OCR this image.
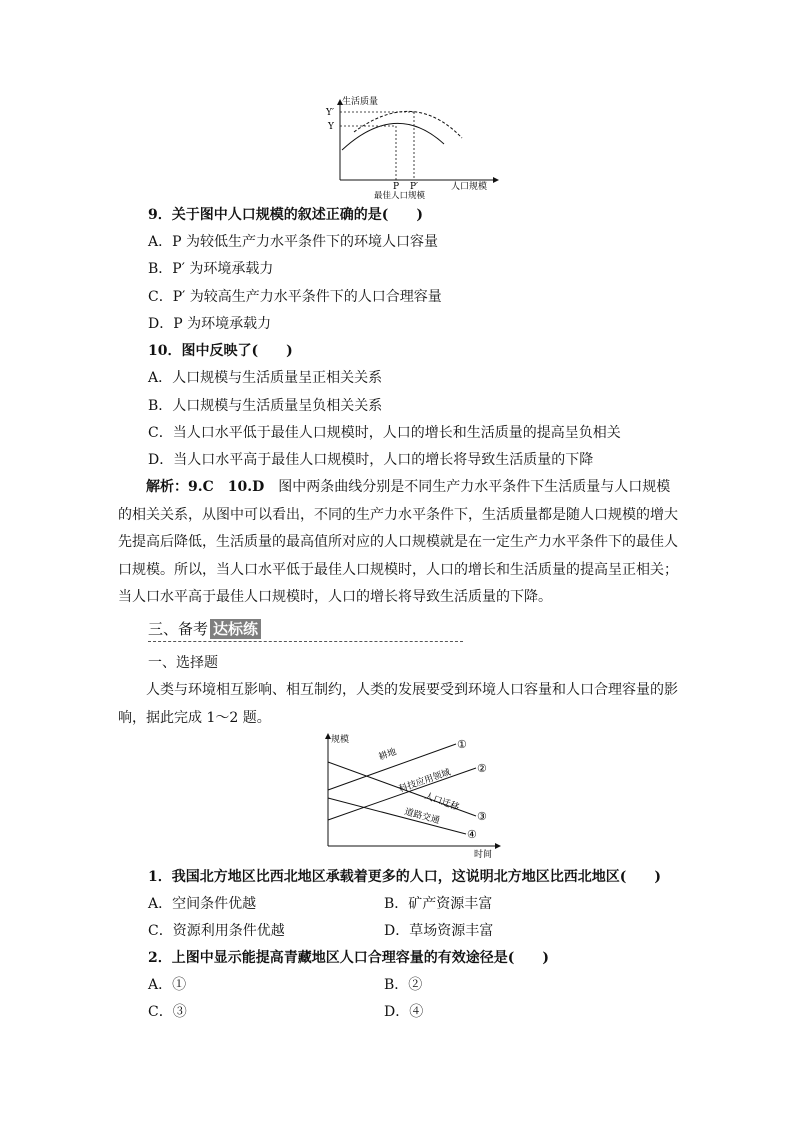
生活质量
Y′
Y
P P′
最佳人口规模
人口规模
9．关于图中人口规模的叙述正确的是(　　)
A．P 为较低生产力水平条件下的环境人口容量
B．P′ 为环境承载力
C．P′ 为较高生产力水平条件下的人口合理容量
D．P 为环境承载力
10．图中反映了(　　)
A．人口规模与生活质量呈正相关关系
B．人口规模与生活质量呈负相关关系
C．当人口水平低于最佳人口规模时，人口的增长和生活质量的提高呈负相关
D．当人口水平高于最佳人口规模时，人口的增长将导致生活质量的下降
解析：9.C　10.D　图中两条曲线分别是不同生产力水平条件下生活质量与人口规模的相关关系，从图中可以看出，不同的生产力水平条件下，生活质量都是随人口规模的增大先提高后降低，生活质量的最高值所对应的人口规模就是在一定生产力水平条件下的最佳人口规模。所以，当人口水平低于最佳人口规模时，人口的增长和生活质量的提高呈正相关；当人口水平高于最佳人口规模时，人口的增长将导致生活质量的下降。
三、备考 达标练
一、选择题
人类与环境相互影响、相互制约，人类的发展要受到环境人口容量和人口合理容量的影响，据此完成 1～2 题。
规模
时间
耕地
科技应用领域
人口迁移
道路交通
①
②
③
④
1．我国北方地区比西北地区承载着更多的人口，这说明北方地区比西北地区(　　)
A．空间条件优越	B．矿产资源丰富
C．资源利用条件优越	D．草场资源丰富
2．上图中显示能提高青藏地区人口合理容量的有效途径是(　　)
A．①	B．②
C．③	D．④
